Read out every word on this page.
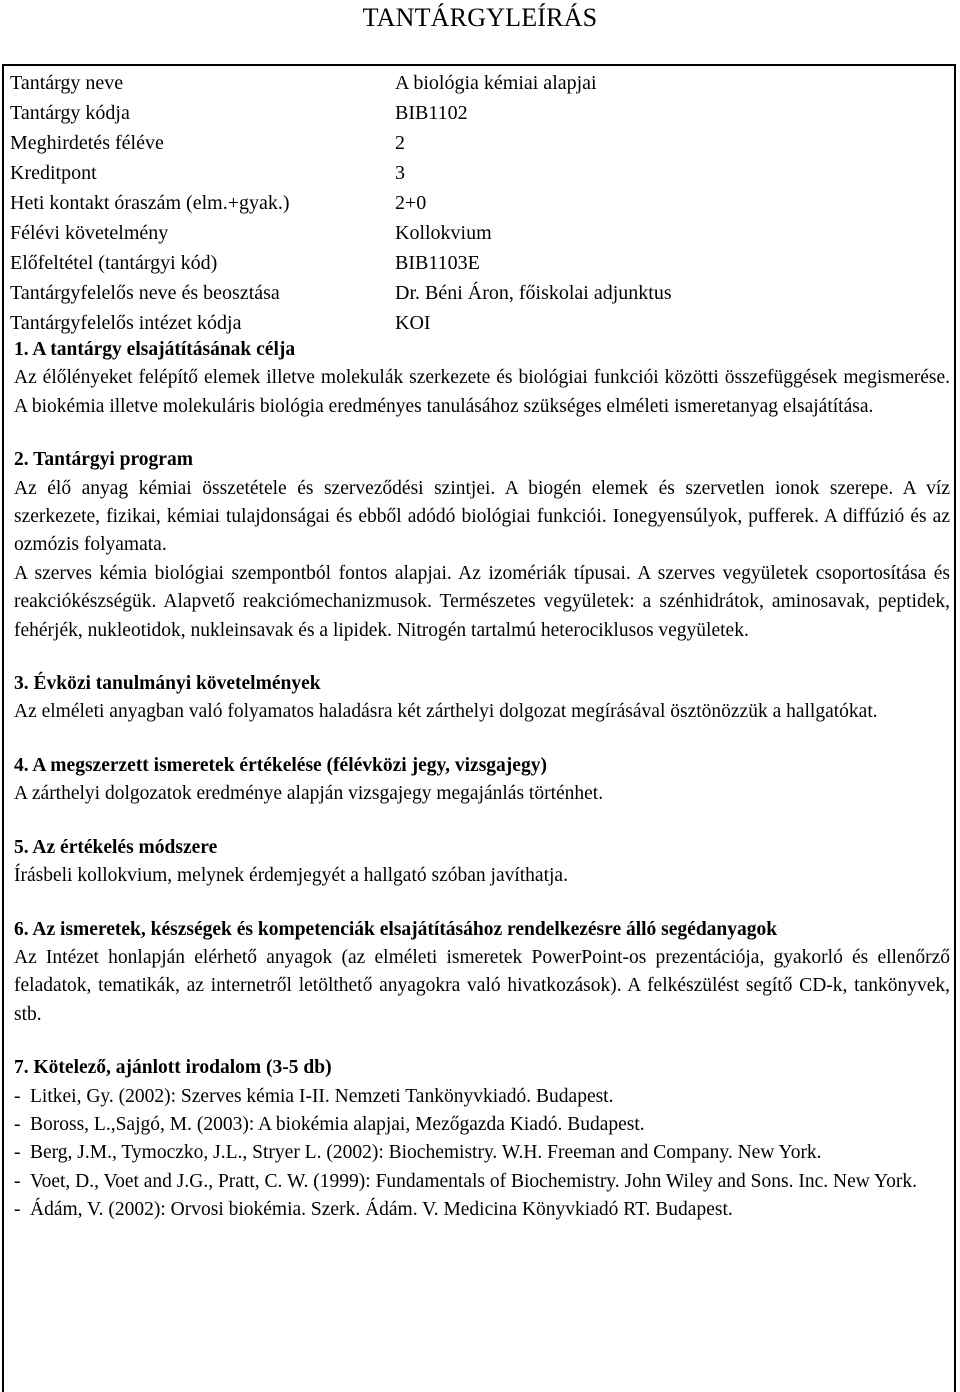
TANTÁRGYLEÍRÁS
Tantárgy neve	A biológia kémiai alapjai
Tantárgy kódja	BIB1102
Meghirdetés féléve	2
Kreditpont	3
Heti kontakt óraszám (elm.+gyak.)	2+0
Félévi követelmény	Kollokvium
Előfeltétel (tantárgyi kód)	BIB1103E
Tantárgyfelelős neve és beosztása	Dr. Béni Áron, főiskolai adjunktus
Tantárgyfelelős intézet kódja	KOI
1. A tantárgy elsajátításának célja
Az élőlényeket felépítő elemek illetve molekulák szerkezete és biológiai funkciói közötti összefüggések megismerése. A biokémia illetve molekuláris biológia eredményes tanulásához szükséges elméleti ismeretanyag elsajátítása.
2. Tantárgyi program

Az élő anyag kémiai összetétele és szerveződési szintjei. A biogén elemek és szervetlen ionok szerepe. A víz szerkezete, fizikai, kémiai tulajdonságai és ebből adódó biológiai funkciói. Ionegyensúlyok, pufferek. A diffúzió és az ozmózis folyamata.

A szerves kémia biológiai szempontból fontos alapjai. Az izomériák típusai. A szerves vegyületek csoportosítása és reakciókészségük. Alapvető reakciómechanizmusok. Természetes vegyületek: a szénhidrátok, aminosavak, peptidek, fehérjék, nukleotidok, nukleinsavak és a lipidek. Nitrogén tartalmú heterociklusos vegyületek.

3. Évközi tanulmányi követelmények
Az elméleti anyagban való folyamatos haladásra két zárthelyi dolgozat megírásával ösztönözzük a hallgatókat.
4. A megszerzett ismeretek értékelése (félévközi jegy, vizsgajegy)
A zárthelyi dolgozatok eredménye alapján vizsgajegy megajánlás történhet.
5. Az értékelés módszere
Írásbeli kollokvium, melynek érdemjegyét a hallgató szóban javíthatja.
6. Az ismeretek, készségek és kompetenciák elsajátításához rendelkezésre álló segédanyagok
Az Intézet honlapján elérhető anyagok (az elméleti ismeretek PowerPoint-os prezentációja, gyakorló és ellenőrző feladatok, tematikák, az internetről letölthető anyagokra való hivatkozások). A felkészülést segítő CD-k, tankönyvek, stb.
7. Kötelező, ajánlott irodalom (3-5 db)
- Litkei, Gy. (2002): Szerves kémia I-II. Nemzeti Tankönyvkiadó. Budapest.
- Boross, L.,Sajgó, M. (2003): A biokémia alapjai, Mezőgazda Kiadó. Budapest.
- Berg, J.M., Tymoczko, J.L., Stryer L. (2002): Biochemistry. W.H. Freeman and Company. New York.
- Voet, D., Voet and J.G., Pratt, C. W. (1999): Fundamentals of Biochemistry. John Wiley and Sons. Inc. New York.
- Ádám, V. (2002): Orvosi biokémia. Szerk. Ádám. V. Medicina Könyvkiadó RT. Budapest.
